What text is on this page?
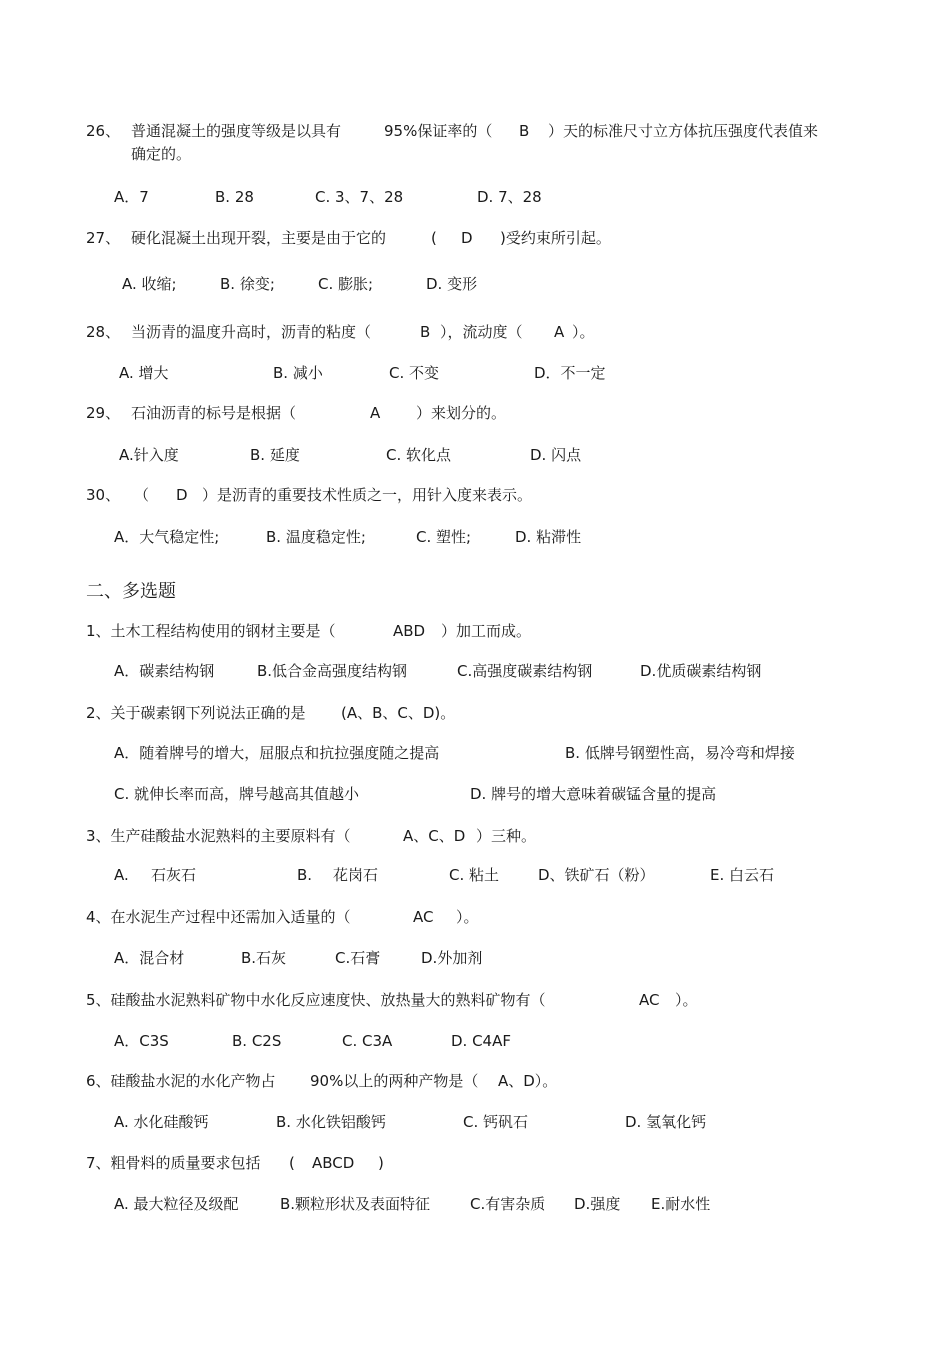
26、 普通混凝土的强度等级是以具有	95%保证率的（ B ）天的标准尺寸立方体抗压强度代表值来
确定的。
A．7	B. 28	C. 3、7、28	D. 7、28
27、 硬化混凝土出现开裂，主要是由于它的	( D )受约束所引起。
A. 收缩;	B. 徐变;	C. 膨胀;	D. 变形
28、 当沥青的温度升高时，沥青的粘度（	B ），流动度（ A ）。
A. 增大	B. 减小	C. 不变	D．不一定
29、 石油沥青的标号是根据（	A ）来划分的。
A.针入度	B. 延度	C. 软化点	D. 闪点
30、 （ D ）是沥青的重要技术性质之一，用针入度来表示。
A．大气稳定性;	B. 温度稳定性;	C. 塑性;	D. 粘滞性
二、多选题
1、土木工程结构使用的钢材主要是（	ABD ）加工而成。
A．碳素结构钢	B.低合金高强度结构钢	C.高强度碳素结构钢	D.优质碳素结构钢
2、关于碳素钢下列说法正确的是 (A、B、C、D)。
A．随着牌号的增大，屈服点和抗拉强度随之提高	B. 低牌号钢塑性高，易冷弯和焊接
C. 就伸长率而高，牌号越高其值越小	D. 牌号的增大意味着碳锰含量的提高
3、生产硅酸盐水泥熟料的主要原料有（	A、C、D ）三种。
A. 石灰石	B. 花岗石	C. 粘土	D、铁矿石（粉）	E. 白云石
4、在水泥生产过程中还需加入适量的（	AC ）。
A．混合材	B.石灰	C.石膏	D.外加剂
5、硅酸盐水泥熟料矿物中水化反应速度快、放热量大的熟料矿物有（	AC ）。
A．C3S	B. C2S	C. C3A	D. C4AF
6、硅酸盐水泥的水化产物占 90%以上的两种产物是（ A、D）。
A. 水化硅酸钙	B. 水化铁铝酸钙	C. 钙矾石	D. 氢氧化钙
7、粗骨料的质量要求包括 ( ABCD )
A. 最大粒径及级配	B.颗粒形状及表面特征	C.有害杂质 D.强度 E.耐水性
